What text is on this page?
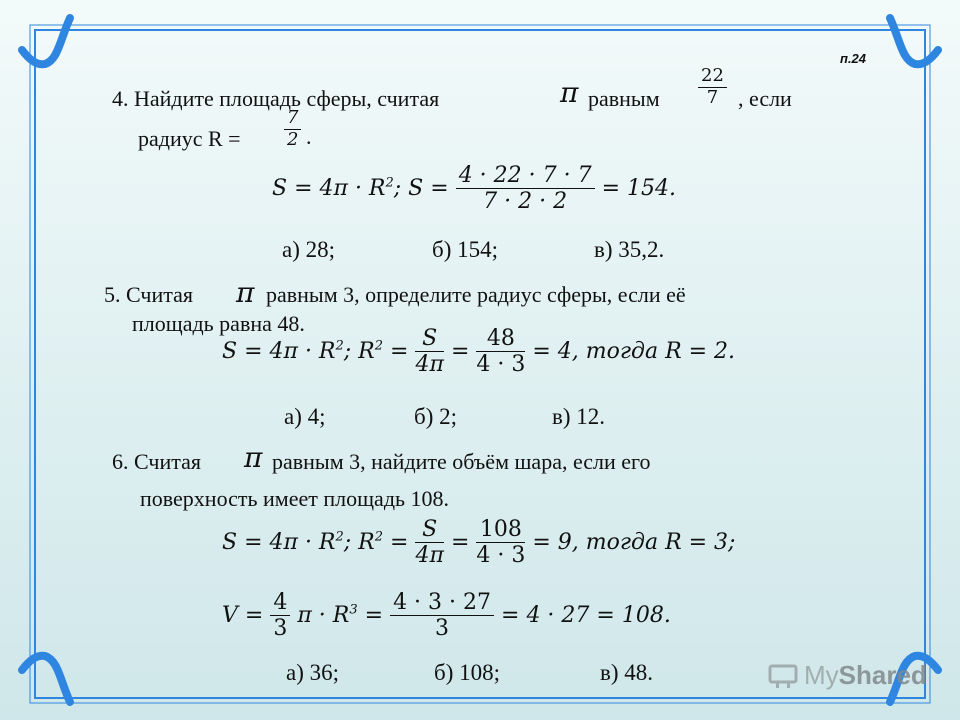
п.24
4. Найдите площадь сферы, считая	π равным $\frac{22}{7}$ , если
радиус $R = \frac{7}{2}$ .
$S = 4\pi \cdot R^2$; $S = \frac{4 \cdot 22 \cdot 7 \cdot 7}{7 \cdot 2 \cdot 2} = 154$.
а) 28;	б) 154;	в) 35,2.
5. Считая π равным 3, определите радиус сферы, если её
площадь равна 48.
$S = 4\pi \cdot R^2$; $R^2 = \frac{S}{4\pi} = \frac{48}{4 \cdot 3} = 4$, тогда R = 2.
а) 4;	б) 2;	в) 12.
6. Считая π равным 3, найдите объём шара, если его
поверхность имеет площадь 108.
$S = 4\pi \cdot R^2$; $R^2 = \frac{S}{4\pi} = \frac{108}{4 \cdot 3} = 9$, тогда R = 3;
$V = \frac{4}{3}$ $\pi \cdot R^3 = \frac{4 \cdot 3 \cdot 27}{3} = 4 \cdot 27 = 108$.
а) 36;	б) 108;	в) 48.	MyShared
